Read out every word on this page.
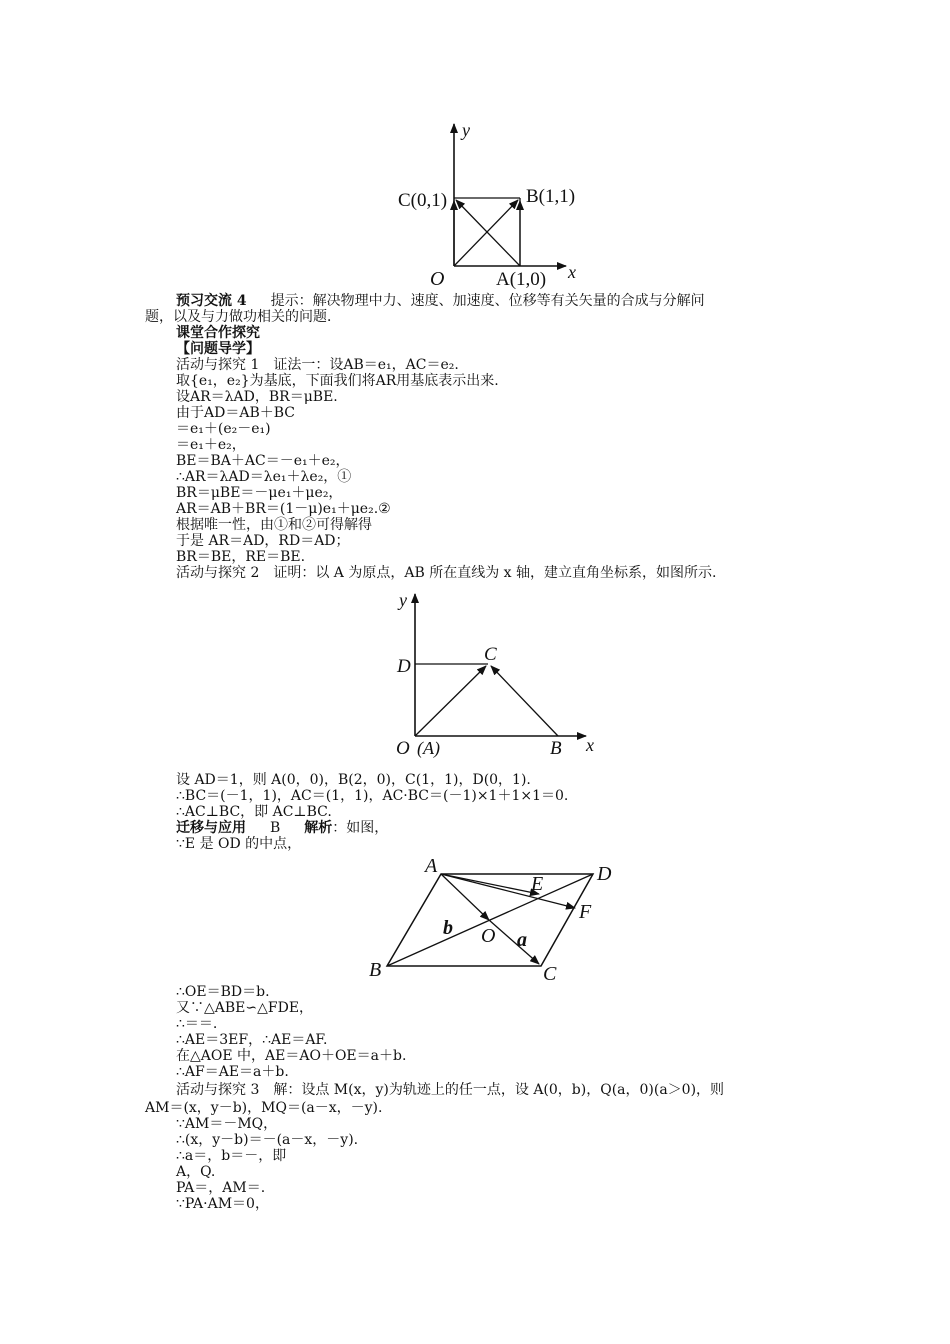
y
x
O
C(0,1)	B(1,1)
A(1,0)
y
x
O (A)
D
C
B
A	D
E
F
B	C
O
b
a
预习交流 4 提示：解决物理中力、速度、加速度、位移等有关矢量的合成与分解问
题，以及与力做功相关的问题．
课堂合作探究
【问题导学】
活动与探究 1　证法一：设AB＝e₁，AC＝e₂.
取{e₁，e₂}为基底，下面我们将AR用基底表示出来.
设AR＝λAD，BR＝μBE.
由于AD＝AB＋BC
＝e₁＋(e₂－e₁)
＝e₁＋e₂，
BE＝BA＋AC＝－e₁＋e₂，
∴AR＝λAD＝λe₁＋λe₂，①
BR＝μBE＝－μe₁＋μe₂，
AR＝AB＋BR＝(1－μ)e₁＋μe₂.②
根据唯一性，由①和②可得解得
于是 AR＝AD，RD＝AD；
BR＝BE，RE＝BE.
活动与探究 2　证明：以 A 为原点，AB 所在直线为 x 轴，建立直角坐标系，如图所示.
设 AD＝1，则 A(0，0)，B(2，0)，C(1，1)，D(0，1).
∴BC＝(－1，1)，AC＝(1，1)，AC·BC＝(－1)×1＋1×1＝0.
∴AC⊥BC，即 AC⊥BC.
迁移与应用 B 解析：如图，
∵E 是 OD 的中点，
∴OE＝BD＝b.
又∵△ABE∽△FDE，
∴＝＝.
∴AE＝3EF，∴AE＝AF.
在△AOE 中，AE＝AO＋OE＝a＋b.
∴AF＝AE＝a＋b.
活动与探究 3　解：设点 M(x，y)为轨迹上的任一点，设 A(0，b)，Q(a，0)(a＞0)，则
AM＝(x，y－b)，MQ＝(a－x，－y).
∵AM＝－MQ，
∴(x，y－b)＝－(a－x，－y).
∴a＝，b＝－，即
A，Q.
PA＝，AM＝.
∵PA·AM＝0，
